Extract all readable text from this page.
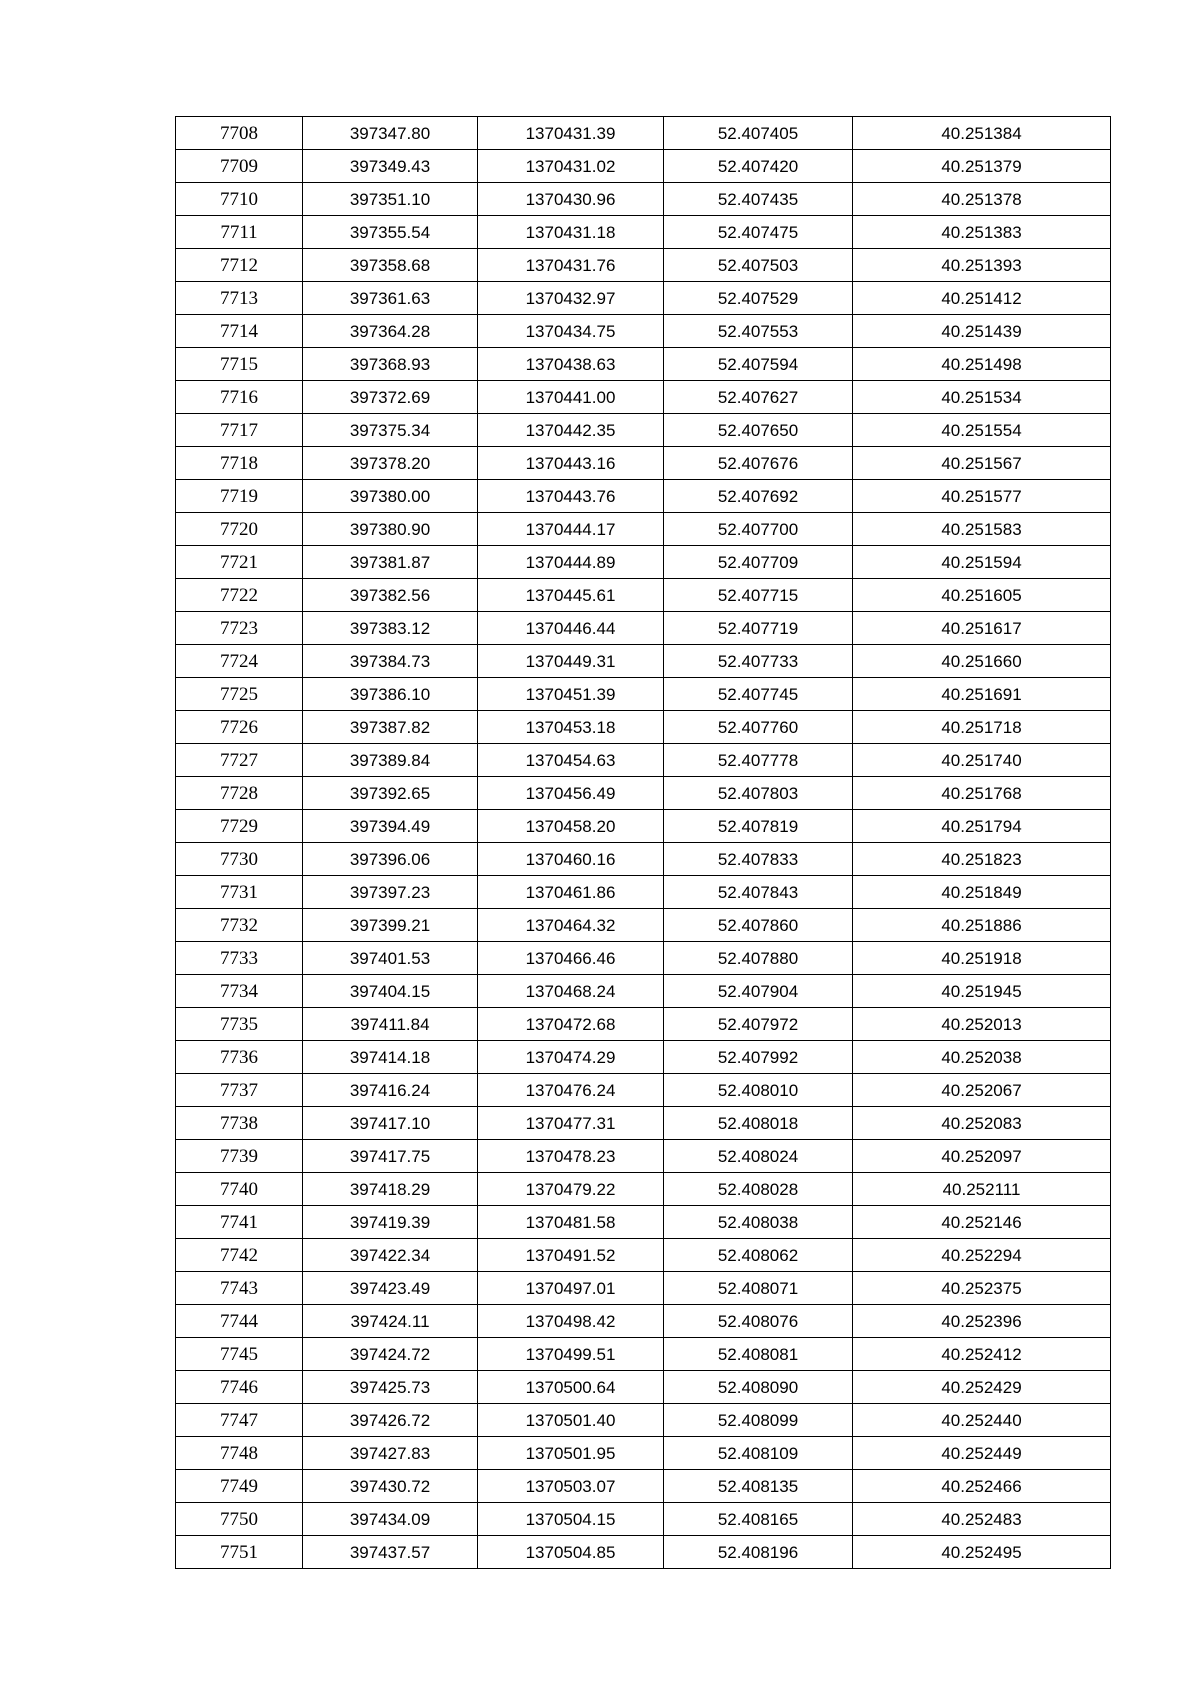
7708	397347.80	1370431.39	52.407405	40.251384
7709	397349.43	1370431.02	52.407420	40.251379
7710	397351.10	1370430.96	52.407435	40.251378
7711	397355.54	1370431.18	52.407475	40.251383
7712	397358.68	1370431.76	52.407503	40.251393
7713	397361.63	1370432.97	52.407529	40.251412
7714	397364.28	1370434.75	52.407553	40.251439
7715	397368.93	1370438.63	52.407594	40.251498
7716	397372.69	1370441.00	52.407627	40.251534
7717	397375.34	1370442.35	52.407650	40.251554
7718	397378.20	1370443.16	52.407676	40.251567
7719	397380.00	1370443.76	52.407692	40.251577
7720	397380.90	1370444.17	52.407700	40.251583
7721	397381.87	1370444.89	52.407709	40.251594
7722	397382.56	1370445.61	52.407715	40.251605
7723	397383.12	1370446.44	52.407719	40.251617
7724	397384.73	1370449.31	52.407733	40.251660
7725	397386.10	1370451.39	52.407745	40.251691
7726	397387.82	1370453.18	52.407760	40.251718
7727	397389.84	1370454.63	52.407778	40.251740
7728	397392.65	1370456.49	52.407803	40.251768
7729	397394.49	1370458.20	52.407819	40.251794
7730	397396.06	1370460.16	52.407833	40.251823
7731	397397.23	1370461.86	52.407843	40.251849
7732	397399.21	1370464.32	52.407860	40.251886
7733	397401.53	1370466.46	52.407880	40.251918
7734	397404.15	1370468.24	52.407904	40.251945
7735	397411.84	1370472.68	52.407972	40.252013
7736	397414.18	1370474.29	52.407992	40.252038
7737	397416.24	1370476.24	52.408010	40.252067
7738	397417.10	1370477.31	52.408018	40.252083
7739	397417.75	1370478.23	52.408024	40.252097
7740	397418.29	1370479.22	52.408028	40.252111
7741	397419.39	1370481.58	52.408038	40.252146
7742	397422.34	1370491.52	52.408062	40.252294
7743	397423.49	1370497.01	52.408071	40.252375
7744	397424.11	1370498.42	52.408076	40.252396
7745	397424.72	1370499.51	52.408081	40.252412
7746	397425.73	1370500.64	52.408090	40.252429
7747	397426.72	1370501.40	52.408099	40.252440
7748	397427.83	1370501.95	52.408109	40.252449
7749	397430.72	1370503.07	52.408135	40.252466
7750	397434.09	1370504.15	52.408165	40.252483
7751	397437.57	1370504.85	52.408196	40.252495
